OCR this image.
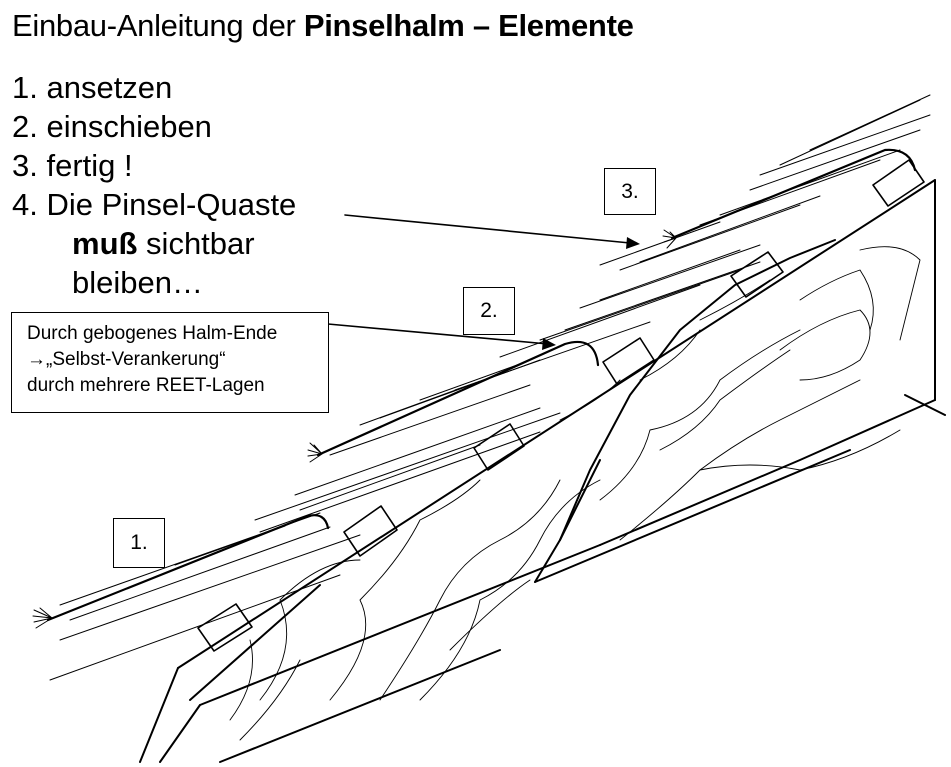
Einbau-Anleitung der Pinselhalm – Elemente
1. ansetzen
2. einschieben
3. fertig !
4. Die Pinsel-Quaste
muß sichtbar
bleiben…
Durch gebogenes Halm-Ende
→„Selbst-Verankerung“
durch mehrere REET-Lagen
1.
2.
3.
